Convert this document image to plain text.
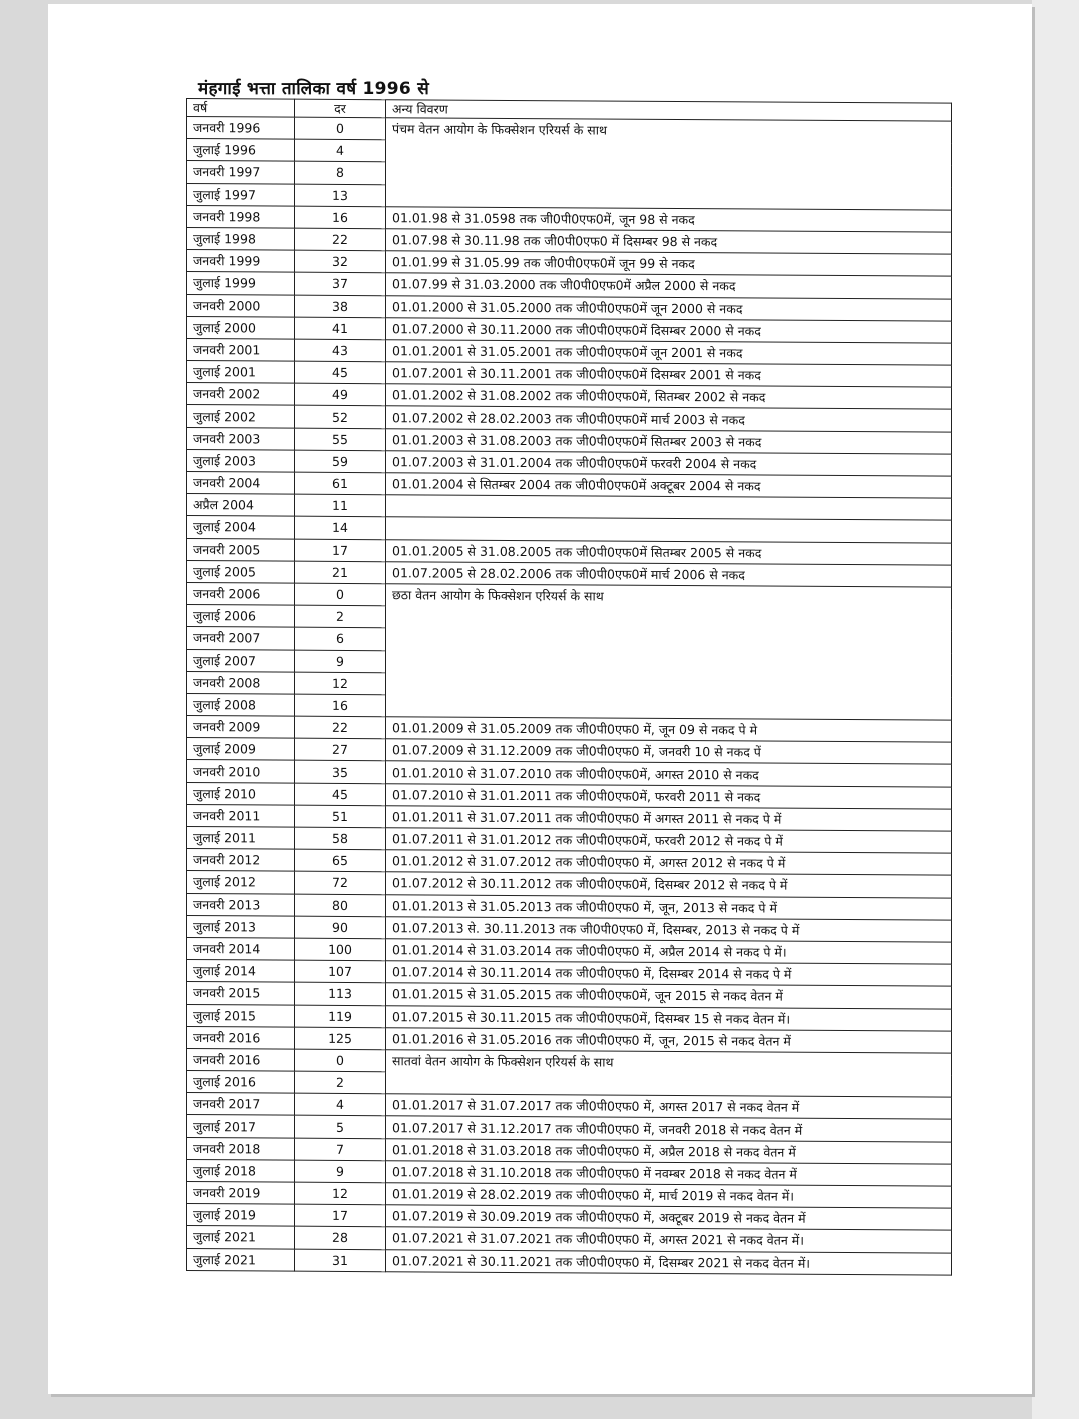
मंहगाई भत्ता तालिका वर्ष 1996 से
वर्ष	दर	अन्य विवरण
जनवरी 1996	0	पंचम वेतन आयोग के फिक्सेशन एरियर्स के साथ
जुलाई 1996	4	
जनवरी 1997	8	
जुलाई 1997	13	
जनवरी 1998	16	01.01.98 से 31.0598 तक जी0पी0एफ0में, जून 98 से नकद
जुलाई 1998	22	01.07.98 से 30.11.98 तक जी0पी0एफ0 में दिसम्बर 98 से नकद
जनवरी 1999	32	01.01.99 से 31.05.99 तक जी0पी0एफ0में जून 99 से नकद
जुलाई 1999	37	01.07.99 से 31.03.2000 तक जी0पी0एफ0में अप्रैल 2000 से नकद
जनवरी 2000	38	01.01.2000 से 31.05.2000 तक जी0पी0एफ0में जून 2000 से नकद
जुलाई 2000	41	01.07.2000 से 30.11.2000 तक जी0पी0एफ0में दिसम्बर 2000 से नकद
जनवरी 2001	43	01.01.2001 से 31.05.2001 तक जी0पी0एफ0में जून 2001 से नकद
जुलाई 2001	45	01.07.2001 से 30.11.2001 तक जी0पी0एफ0में दिसम्बर 2001 से नकद
जनवरी 2002	49	01.01.2002 से 31.08.2002 तक जी0पी0एफ0में, सितम्बर 2002 से नकद
जुलाई 2002	52	01.07.2002 से 28.02.2003 तक जी0पी0एफ0में मार्च 2003 से नकद
जनवरी 2003	55	01.01.2003 से 31.08.2003 तक जी0पी0एफ0में सितम्बर 2003 से नकद
जुलाई 2003	59	01.07.2003 से 31.01.2004 तक जी0पी0एफ0में फरवरी 2004 से नकद
जनवरी 2004	61	01.01.2004 से सितम्बर 2004 तक जी0पी0एफ0में अक्टूबर 2004 से नकद
अप्रैल 2004	11	
जुलाई 2004	14	
जनवरी 2005	17	01.01.2005 से 31.08.2005 तक जी0पी0एफ0में सितम्बर 2005 से नकद
जुलाई 2005	21	01.07.2005 से 28.02.2006 तक जी0पी0एफ0में मार्च 2006 से नकद
जनवरी 2006	0	छठा वेतन आयोग के फिक्सेशन एरियर्स के साथ
जुलाई 2006	2	
जनवरी 2007	6	
जुलाई 2007	9	
जनवरी 2008	12	
जुलाई 2008	16	
जनवरी 2009	22	01.01.2009 से 31.05.2009 तक जी0पी0एफ0 में, जून 09 से नकद पे मे
जुलाई 2009	27	01.07.2009 से 31.12.2009 तक जी0पी0एफ0 में, जनवरी 10 से नकद पें
जनवरी 2010	35	01.01.2010 से 31.07.2010 तक जी0पी0एफ0में, अगस्त 2010 से नकद
जुलाई 2010	45	01.07.2010 से 31.01.2011 तक जी0पी0एफ0में, फरवरी 2011 से नकद
जनवरी 2011	51	01.01.2011 से 31.07.2011 तक जी0पी0एफ0 में अगस्त 2011 से नकद पे में
जुलाई 2011	58	01.07.2011 से 31.01.2012 तक जी0पी0एफ0में, फरवरी 2012 से नकद पे में
जनवरी 2012	65	01.01.2012 से 31.07.2012 तक जी0पी0एफ0 में, अगस्त 2012 से नकद पे में
जुलाई 2012	72	01.07.2012 से 30.11.2012 तक जी0पी0एफ0में, दिसम्बर 2012 से नकद पे में
जनवरी 2013	80	01.01.2013 से 31.05.2013 तक जी0पी0एफ0 में, जून, 2013 से नकद पे में
जुलाई 2013	90	01.07.2013 से. 30.11.2013 तक जी0पी0एफ0 में, दिसम्बर, 2013 से नकद पे में
जनवरी 2014	100	01.01.2014 से 31.03.2014 तक जी0पी0एफ0 में, अप्रैल 2014 से नकद पे में।
जुलाई 2014	107	01.07.2014 से 30.11.2014 तक जी0पी0एफ0 में, दिसम्बर 2014 से नकद पे में
जनवरी 2015	113	01.01.2015 से 31.05.2015 तक जी0पी0एफ0में, जून 2015 से नकद वेतन में
जुलाई 2015	119	01.07.2015 से 30.11.2015 तक जी0पी0एफ0में, दिसम्बर 15 से नकद वेतन में।
जनवरी 2016	125	01.01.2016 से 31.05.2016 तक जी0पी0एफ0 में, जून, 2015 से नकद वेतन में
जनवरी 2016	0	सातवां वेतन आयोग के फिक्सेशन एरियर्स के साथ
जुलाई 2016	2	
जनवरी 2017	4	01.01.2017 से 31.07.2017 तक जी0पी0एफ0 में, अगस्त 2017 से नकद वेतन में
जुलाई 2017	5	01.07.2017 से 31.12.2017 तक जी0पी0एफ0 में, जनवरी 2018 से नकद वेतन में
जनवरी 2018	7	01.01.2018 से 31.03.2018 तक जी0पी0एफ0 में, अप्रैल 2018 से नकद वेतन में
जुलाई 2018	9	01.07.2018 से 31.10.2018 तक जी0पी0एफ0 में नवम्बर 2018 से नकद वेतन में
जनवरी 2019	12	01.01.2019 से 28.02.2019 तक जी0पी0एफ0 में, मार्च 2019 से नकद वेतन में।
जुलाई 2019	17	01.07.2019 से 30.09.2019 तक जी0पी0एफ0 में, अक्टूबर 2019 से नकद वेतन में
जुलाई 2021	28	01.07.2021 से 31.07.2021 तक जी0पी0एफ0 में, अगस्त 2021 से नकद वेतन में।
जुलाई 2021	31	01.07.2021 से 30.11.2021 तक जी0पी0एफ0 में, दिसम्बर 2021 से नकद वेतन में।
